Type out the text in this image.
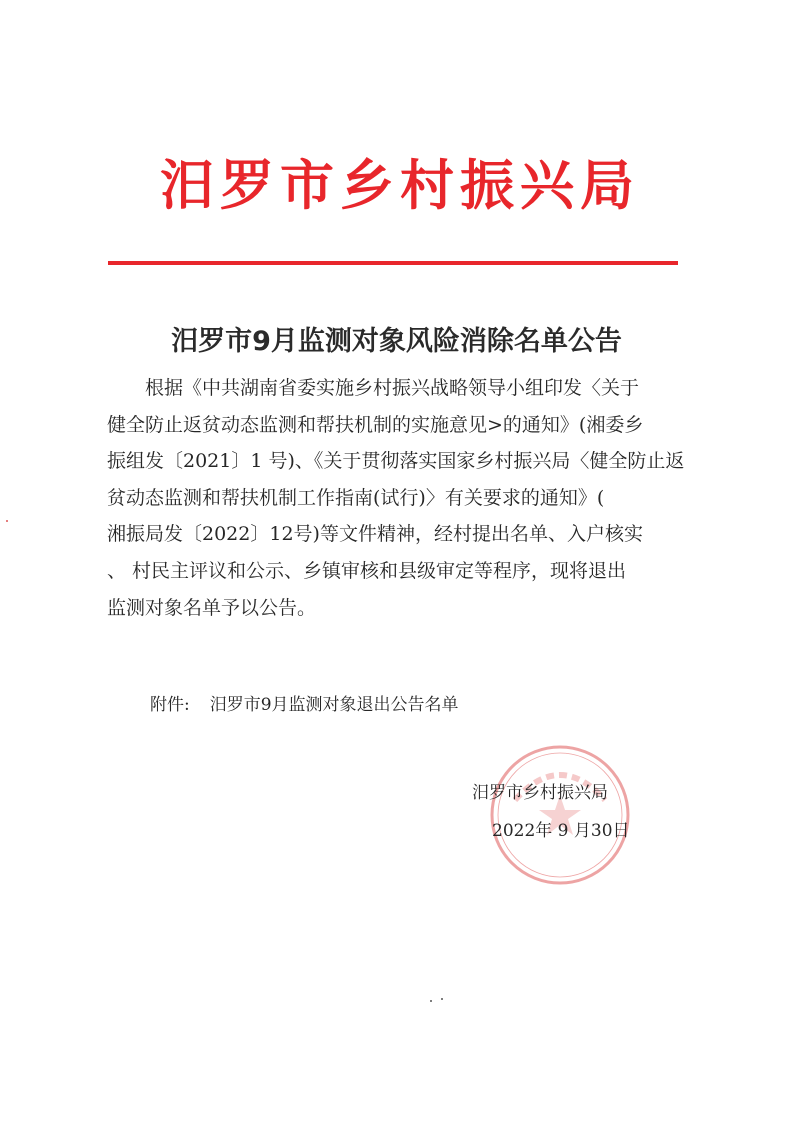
汨罗市乡村振兴局
汨罗市9月监测对象风险消除名单公告
根据《中共湖南省委实施乡村振兴战略领导小组印发〈关于
健全防止返贫动态监测和帮扶机制的实施意见>的通知》(湘委乡
振组发〔2021〕1 号)、《关于贯彻落实国家乡村振兴局〈健全防止返
贫动态监测和帮扶机制工作指南(试行)〉有关要求的通知》(
湘振局发〔2022〕12号)等文件精神，经村提出名单、入户核实
、 村民主评议和公示、乡镇审核和县级审定等程序，现将退出
监测对象名单予以公告。
附件: 汨罗市9月监测对象退出公告名单
汨罗市乡村振兴局
2022年 9 月30日
